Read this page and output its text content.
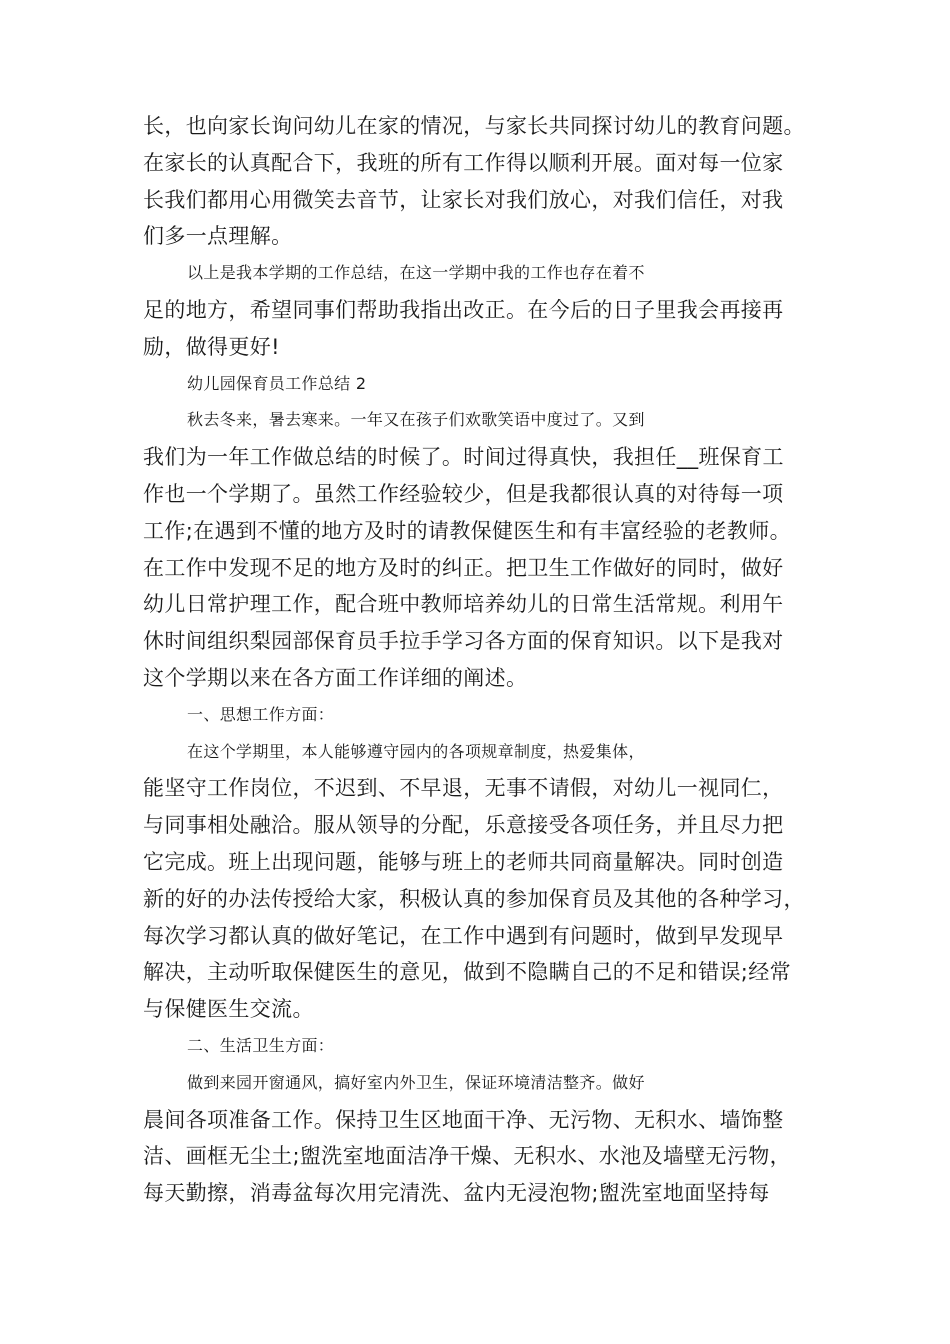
长，也向家长询问幼儿在家的情况，与家长共同探讨幼儿的教育问题。
在家长的认真配合下，我班的所有工作得以顺利开展。面对每一位家
长我们都用心用微笑去音节，让家长对我们放心，对我们信任，对我
们多一点理解。
以上是我本学期的工作总结，在这一学期中我的工作也存在着不
足的地方，希望同事们帮助我指出改正。在今后的日子里我会再接再
励，做得更好!
幼儿园保育员工作总结 2
秋去冬来，暑去寒来。一年又在孩子们欢歌笑语中度过了。又到
我们为一年工作做总结的时候了。时间过得真快，我担任__班保育工
作也一个学期了。虽然工作经验较少，但是我都很认真的对待每一项
工作;在遇到不懂的地方及时的请教保健医生和有丰富经验的老教师。
在工作中发现不足的地方及时的纠正。把卫生工作做好的同时，做好
幼儿日常护理工作，配合班中教师培养幼儿的日常生活常规。利用午
休时间组织梨园部保育员手拉手学习各方面的保育知识。以下是我对
这个学期以来在各方面工作详细的阐述。
一、思想工作方面：
在这个学期里，本人能够遵守园内的各项规章制度，热爱集体，
能坚守工作岗位，不迟到、不早退，无事不请假，对幼儿一视同仁，
与同事相处融洽。服从领导的分配，乐意接受各项任务，并且尽力把
它完成。班上出现问题，能够与班上的老师共同商量解决。同时创造
新的好的办法传授给大家，积极认真的参加保育员及其他的各种学习，
每次学习都认真的做好笔记，在工作中遇到有问题时，做到早发现早
解决，主动听取保健医生的意见，做到不隐瞒自己的不足和错误;经常
与保健医生交流。
二、生活卫生方面：
做到来园开窗通风，搞好室内外卫生，保证环境清洁整齐。做好
晨间各项准备工作。保持卫生区地面干净、无污物、无积水、墙饰整
洁、画框无尘土;盥洗室地面洁净干燥、无积水、水池及墙壁无污物，
每天勤擦，消毒盆每次用完清洗、盆内无浸泡物;盥洗室地面坚持每
